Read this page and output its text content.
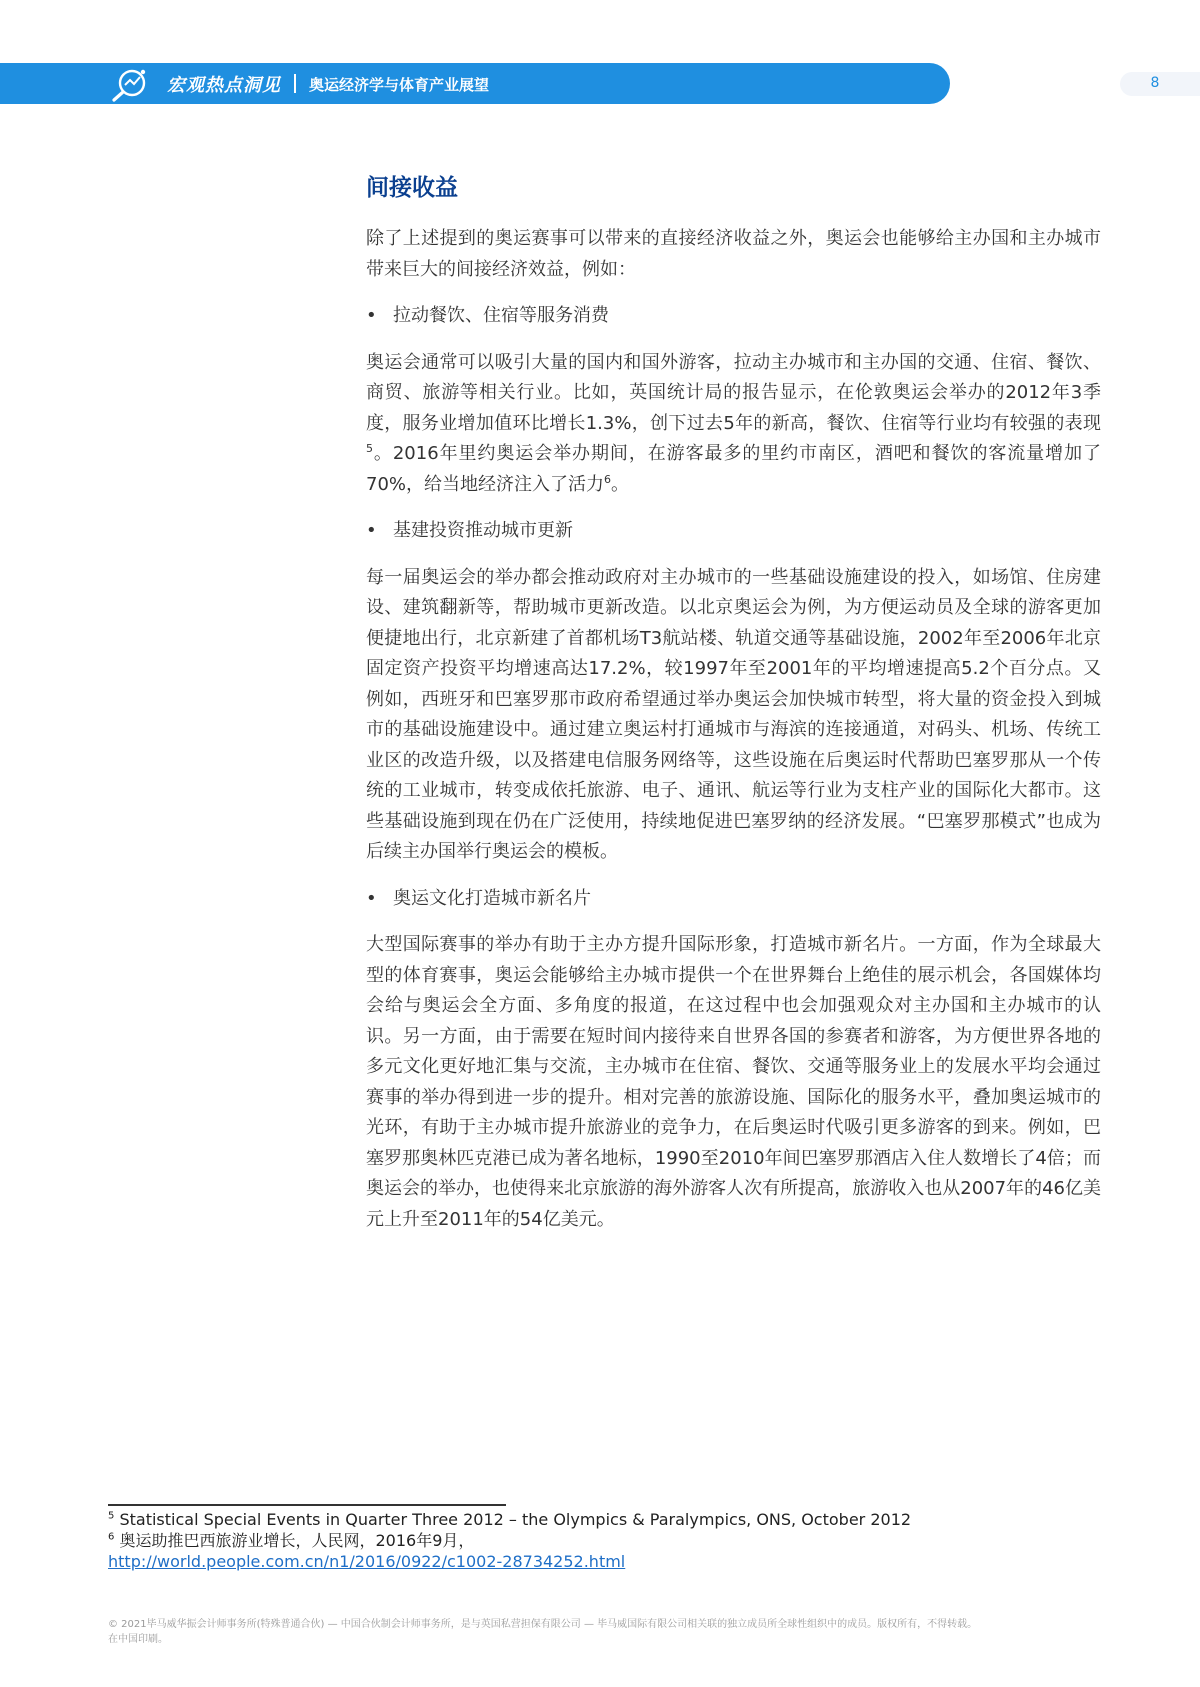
宏观热点洞见 奥运经济学与体育产业展望	8
间接收益

除了上述提到的奥运赛事可以带来的直接经济收益之外，奥运会也能够给主办国和主办城市带来巨大的间接经济效益，例如：

• 拉动餐饮、住宿等服务消费

奥运会通常可以吸引大量的国内和国外游客，拉动主办城市和主办国的交通、住宿、餐饮、商贸、旅游等相关行业。比如，英国统计局的报告显示，在伦敦奥运会举办的2012年3季度，服务业增加值环比增长1.3%，创下过去5年的新高，餐饮、住宿等行业均有较强的表现$^5$。2016年里约奥运会举办期间，在游客最多的里约市南区，酒吧和餐饮的客流量增加了70%，给当地经济注入了活力$^6$。

• 基建投资推动城市更新

每一届奥运会的举办都会推动政府对主办城市的一些基础设施建设的投入，如场馆、住房建设、建筑翻新等，帮助城市更新改造。以北京奥运会为例，为方便运动员及全球的游客更加便捷地出行，北京新建了首都机场T3航站楼、轨道交通等基础设施，2002年至2006年北京固定资产投资平均增速高达17.2%，较1997年至2001年的平均增速提高5.2个百分点。又例如，西班牙和巴塞罗那市政府希望通过举办奥运会加快城市转型，将大量的资金投入到城市的基础设施建设中。通过建立奥运村打通城市与海滨的连接通道，对码头、机场、传统工业区的改造升级，以及搭建电信服务网络等，这些设施在后奥运时代帮助巴塞罗那从一个传统的工业城市，转变成依托旅游、电子、通讯、航运等行业为支柱产业的国际化大都市。这些基础设施到现在仍在广泛使用，持续地促进巴塞罗纳的经济发展。“巴塞罗那模式”也成为后续主办国举行奥运会的模板。

• 奥运文化打造城市新名片

大型国际赛事的举办有助于主办方提升国际形象，打造城市新名片。一方面，作为全球最大型的体育赛事，奥运会能够给主办城市提供一个在世界舞台上绝佳的展示机会，各国媒体均会给与奥运会全方面、多角度的报道，在这过程中也会加强观众对主办国和主办城市的认识。另一方面，由于需要在短时间内接待来自世界各国的参赛者和游客，为方便世界各地的多元文化更好地汇集与交流，主办城市在住宿、餐饮、交通等服务业上的发展水平均会通过赛事的举办得到进一步的提升。相对完善的旅游设施、国际化的服务水平，叠加奥运城市的光环，有助于主办城市提升旅游业的竞争力，在后奥运时代吸引更多游客的到来。例如，巴塞罗那奥林匹克港已成为著名地标，1990至2010年间巴塞罗那酒店入住人数增长了4倍；而奥运会的举办，也使得来北京旅游的海外游客人次有所提高，旅游收入也从2007年的46亿美元上升至2011年的54亿美元。

$^5$ Statistical Special Events in Quarter Three 2012 – the Olympics & Paralympics, ONS, October 2012
$^6$ 奥运助推巴西旅游业增长，人民网，2016年9月，
http://world.people.com.cn/n1/2016/0922/c1002-28734252.html
© 2021毕马威华振会计师事务所(特殊普通合伙) — 中国合伙制会计师事务所，是与英国私营担保有限公司 — 毕马威国际有限公司相关联的独立成员所全球性组织中的成员。版权所有，不得转载。
在中国印刷。
